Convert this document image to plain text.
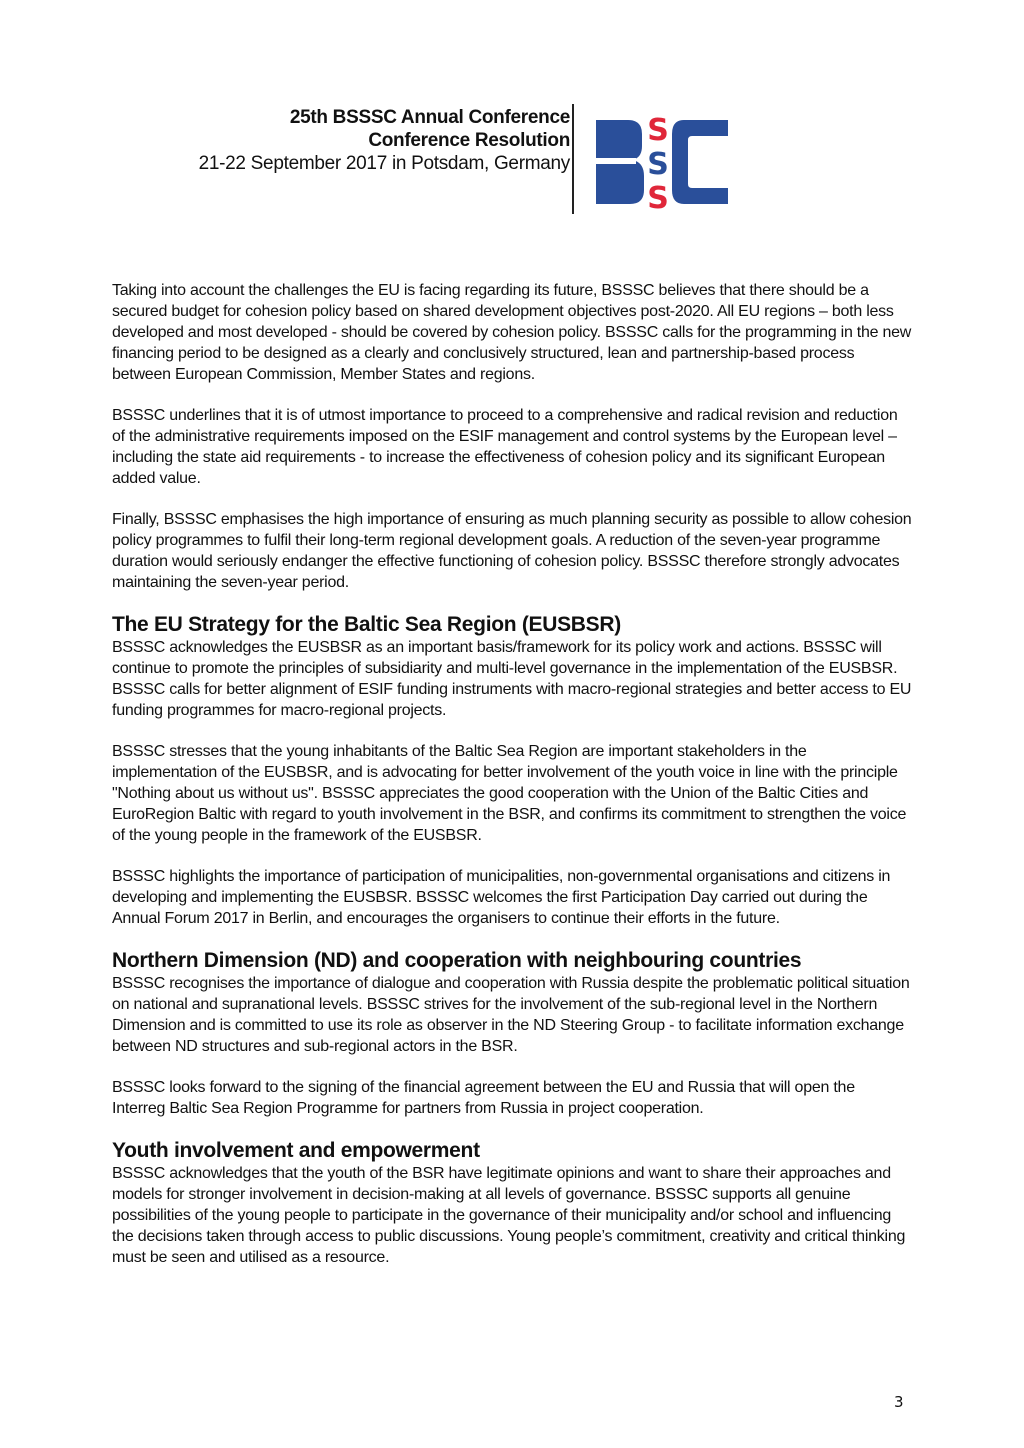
25th BSSSC Annual Conference
Conference Resolution
21-22 September 2017 in Potsdam, Germany
S
S
S

Taking into account the challenges the EU is facing regarding its future, BSSSC believes that there should be a secured budget for cohesion policy based on shared development objectives post-2020. All EU regions – both less developed and most developed - should be covered by cohesion policy. BSSSC calls for the programming in the new financing period to be designed as a clearly and conclusively structured, lean and partnership-based process between European Commission, Member States and regions.

BSSSC underlines that it is of utmost importance to proceed to a comprehensive and radical revision and reduction of the administrative requirements imposed on the ESIF management and control systems by the European level – including the state aid requirements - to increase the effectiveness of cohesion policy and its significant European added value.

Finally, BSSSC emphasises the high importance of ensuring as much planning security as possible to allow cohesion policy programmes to fulfil their long-term regional development goals. A reduction of the seven-year programme duration would seriously endanger the effective functioning of cohesion policy. BSSSC therefore strongly advocates maintaining the seven-year period.

The EU Strategy for the Baltic Sea Region (EUSBSR)

BSSSC acknowledges the EUSBSR as an important basis/framework for its policy work and actions. BSSSC will continue to promote the principles of subsidiarity and multi-level governance in the implementation of the EUSBSR. BSSSC calls for better alignment of ESIF funding instruments with macro-regional strategies and better access to EU funding programmes for macro-regional projects.

BSSSC stresses that the young inhabitants of the Baltic Sea Region are important stakeholders in the implementation of the EUSBSR, and is advocating for better involvement of the youth voice in line with the principle "Nothing about us without us". BSSSC appreciates the good cooperation with the Union of the Baltic Cities and EuroRegion Baltic with regard to youth involvement in the BSR, and confirms its commitment to strengthen the voice of the young people in the framework of the EUSBSR.

BSSSC highlights the importance of participation of municipalities, non-governmental organisations and citizens in developing and implementing the EUSBSR. BSSSC welcomes the first Participation Day carried out during the Annual Forum 2017 in Berlin, and encourages the organisers to continue their efforts in the future.

Northern Dimension (ND) and cooperation with neighbouring countries

BSSSC recognises the importance of dialogue and cooperation with Russia despite the problematic political situation on national and supranational levels. BSSSC strives for the involvement of the sub-regional level in the Northern Dimension and is committed to use its role as observer in the ND Steering Group - to facilitate information exchange between ND structures and sub-regional actors in the BSR.

BSSSC looks forward to the signing of the financial agreement between the EU and Russia that will open the Interreg Baltic Sea Region Programme for partners from Russia in project cooperation.

Youth involvement and empowerment

BSSSC acknowledges that the youth of the BSR have legitimate opinions and want to share their approaches and models for stronger involvement in decision-making at all levels of governance. BSSSC supports all genuine possibilities of the young people to participate in the governance of their municipality and/or school and influencing the decisions taken through access to public discussions. Young people’s commitment, creativity and critical thinking must be seen and utilised as a resource.

3
